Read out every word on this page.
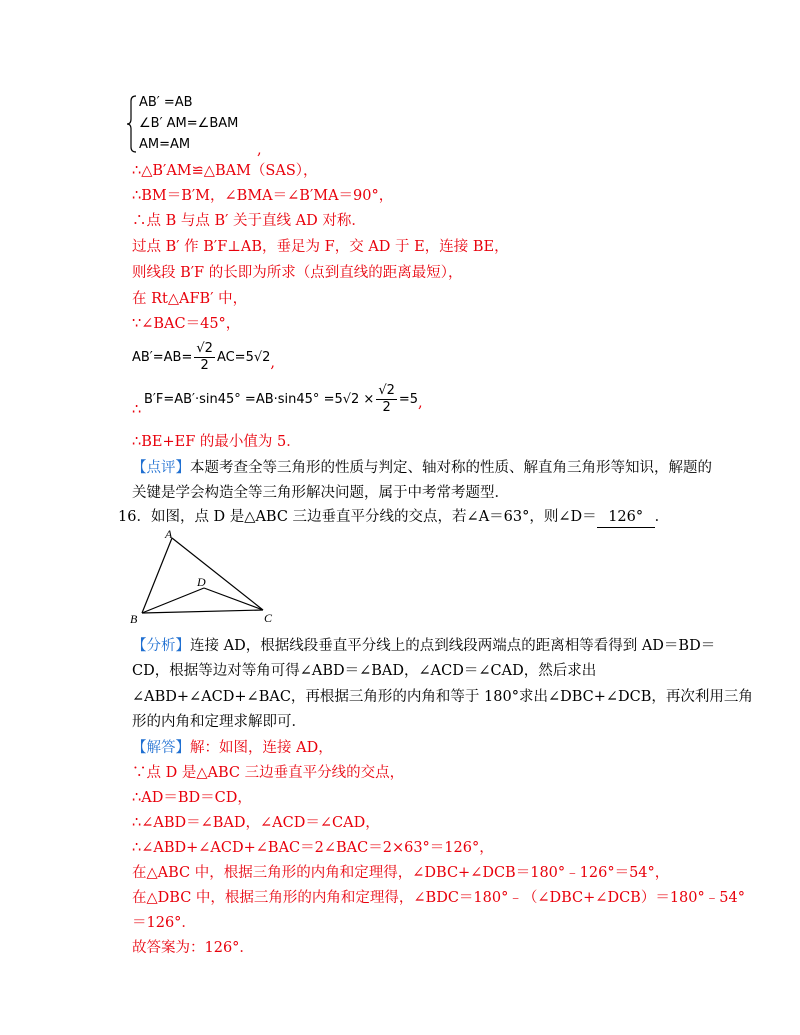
AB′ =AB
∠B′ AM=∠BAM
AM=AM	,
∴△B′AM≌△BAM（SAS），
∴BM＝B′M，∠BMA＝∠B′MA＝90°，
∴点 B 与点 B′ 关于直线 AD 对称．
过点 B′ 作 B′F⊥AB，垂足为 F，交 AD 于 E，连接 BE，
则线段 B′F 的长即为所求（点到直线的距离最短），
在 Rt△AFB′ 中，
∵∠BAC＝45°，
$AB'=AB= \frac{√2}{2} AC=5√2$,
∴
$B'F=AB'\cdot\sin 45^\circ =AB\cdot\sin 45^\circ =5√2 \times \frac{√2}{2} =5$,
∴BE+EF 的最小值为 5．
【点评】本题考查全等三角形的性质与判定、轴对称的性质、解直角三角形等知识，解题的
关键是学会构造全等三角形解决问题，属于中考常考题型．
16．如图，点 D 是△ABC 三边垂直平分线的交点，若∠A＝63°，则∠D＝ 126° ．
A
B	C
D
【分析】连接 AD，根据线段垂直平分线上的点到线段两端点的距离相等看得到 AD＝BD＝
CD，根据等边对等角可得∠ABD＝∠BAD，∠ACD＝∠CAD，然后求出
∠ABD+∠ACD+∠BAC，再根据三角形的内角和等于 180°求出∠DBC+∠DCB，再次利用三角
形的内角和定理求解即可．
【解答】解：如图，连接 AD，
∵点 D 是△ABC 三边垂直平分线的交点，
∴AD＝BD＝CD，
∴∠ABD＝∠BAD，∠ACD＝∠CAD，
∴∠ABD+∠ACD+∠BAC＝2∠BAC＝2×63°＝126°，
在△ABC 中，根据三角形的内角和定理得，∠DBC+∠DCB＝180°﹣126°＝54°，
在△DBC 中，根据三角形的内角和定理得，∠BDC＝180°﹣（∠DBC+∠DCB）＝180°﹣54°
＝126°．
故答案为：126°．
